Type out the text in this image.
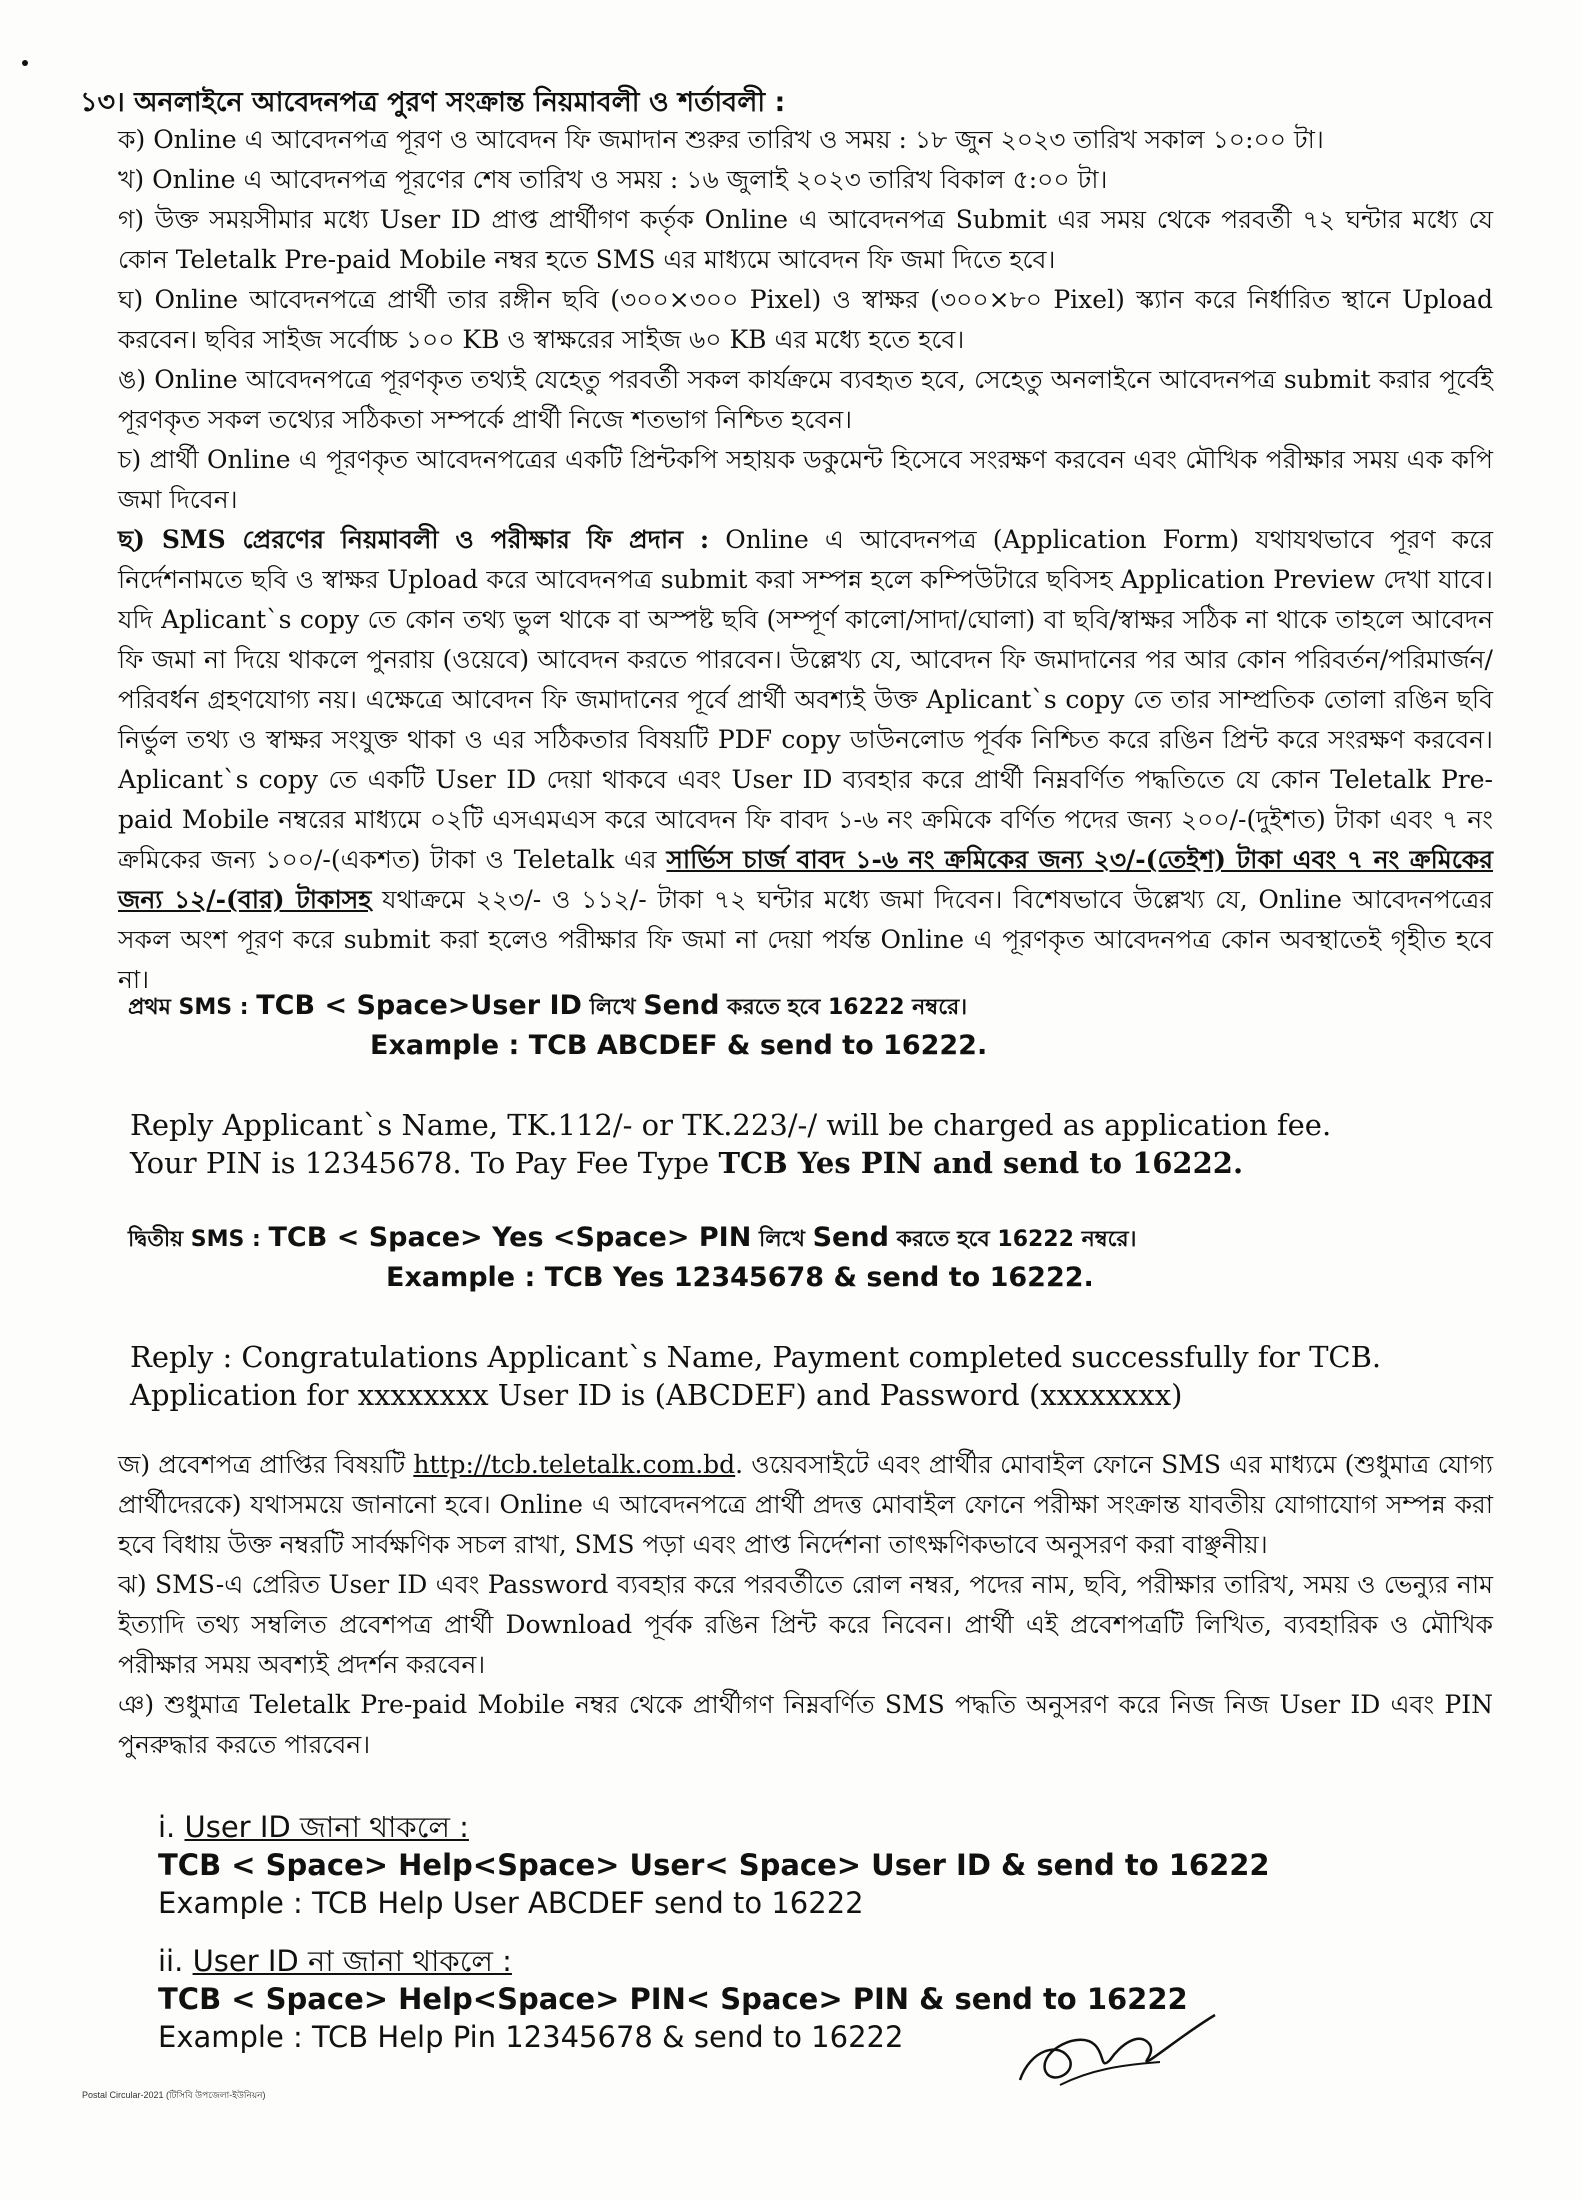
১৩। অনলাইনে আবেদনপত্র পুরণ সংক্রান্ত নিয়মাবলী ও শর্তাবলী :

ক) Online এ আবেদনপত্র পূরণ ও আবেদন ফি জমাদান শুরুর তারিখ ও সময় : ১৮ জুন ২০২৩ তারিখ সকাল ১০:০০ টা।

খ) Online এ আবেদনপত্র পূরণের শেষ তারিখ ও সময় : ১৬ জুলাই ২০২৩ তারিখ বিকাল ৫:০০ টা।

গ) উক্ত সময়সীমার মধ্যে User ID প্রাপ্ত প্রার্থীগণ কর্তৃক Online এ আবেদনপত্র Submit এর সময় থেকে পরবর্তী ৭২ ঘন্টার মধ্যে যে কোন Teletalk Pre-paid Mobile নম্বর হতে SMS এর মাধ্যমে আবেদন ফি জমা দিতে হবে।

ঘ) Online আবেদনপত্রে প্রার্থী তার রঙ্গীন ছবি (৩০০×৩০০ Pixel) ও স্বাক্ষর (৩০০×৮০ Pixel) স্ক্যান করে নির্ধারিত স্থানে Upload করবেন। ছবির সাইজ সর্বোচ্চ ১০০ KB ও স্বাক্ষরের সাইজ ৬০ KB এর মধ্যে হতে হবে।

ঙ) Online আবেদনপত্রে পূরণকৃত তথ্যই যেহেতু পরবর্তী সকল কার্যক্রমে ব্যবহৃত হবে, সেহেতু অনলাইনে আবেদনপত্র submit করার পূর্বেই পূরণকৃত সকল তথ্যের সঠিকতা সম্পর্কে প্রার্থী নিজে শতভাগ নিশ্চিত হবেন।

চ) প্রার্থী Online এ পূরণকৃত আবেদনপত্রের একটি প্রিন্টকপি সহায়ক ডকুমেন্ট হিসেবে সংরক্ষণ করবেন এবং মৌখিক পরীক্ষার সময় এক কপি জমা দিবেন।

ছ) SMS প্রেরণের নিয়মাবলী ও পরীক্ষার ফি প্রদান : Online এ আবেদনপত্র (Application Form) যথাযথভাবে পূরণ করে নির্দেশনামতে ছবি ও স্বাক্ষর Upload করে আবেদনপত্র submit করা সম্পন্ন হলে কম্পিউটারে ছবিসহ Application Preview দেখা যাবে। যদি Aplicant`s copy তে কোন তথ্য ভুল থাকে বা অস্পষ্ট ছবি (সম্পূর্ণ কালো/সাদা/ঘোলা) বা ছবি/স্বাক্ষর সঠিক না থাকে তাহলে আবেদন ফি জমা না দিয়ে থাকলে পুনরায় (ওয়েবে) আবেদন করতে পারবেন। উল্লেখ্য যে, আবেদন ফি জমাদানের পর আর কোন পরিবর্তন/পরিমার্জন/পরিবর্ধন গ্রহণযোগ্য নয়। এক্ষেত্রে আবেদন ফি জমাদানের পূর্বে প্রার্থী অবশ্যই উক্ত Aplicant`s copy তে তার সাম্প্রতিক তোলা রঙিন ছবি নির্ভুল তথ্য ও স্বাক্ষর সংযুক্ত থাকা ও এর সঠিকতার বিষয়টি PDF copy ডাউনলোড পূর্বক নিশ্চিত করে রঙিন প্রিন্ট করে সংরক্ষণ করবেন। Aplicant`s copy তে একটি User ID দেয়া থাকবে এবং User ID ব্যবহার করে প্রার্থী নিম্নবর্ণিত পদ্ধতিতে যে কোন Teletalk Pre-paid Mobile নম্বরের মাধ্যমে ০২টি এসএমএস করে আবেদন ফি বাবদ ১-৬ নং ক্রমিকে বর্ণিত পদের জন্য ২০০/-(দুইশত) টাকা এবং ৭ নং ক্রমিকের জন্য ১০০/-(একশত) টাকা ও Teletalk এর সার্ভিস চার্জ বাবদ ১-৬ নং ক্রমিকের জন্য ২৩/-(তেইশ) টাকা এবং ৭ নং ক্রমিকের জন্য ১২/-(বার) টাকাসহ যথাক্রমে ২২৩/- ও ১১২/- টাকা ৭২ ঘন্টার মধ্যে জমা দিবেন। বিশেষভাবে উল্লেখ্য যে, Online আবেদনপত্রের সকল অংশ পূরণ করে submit করা হলেও পরীক্ষার ফি জমা না দেয়া পর্যন্ত Online এ পূরণকৃত আবেদনপত্র কোন অবস্থাতেই গৃহীত হবে না।

প্রথম SMS : TCB < Space>User ID লিখে Send করতে হবে 16222 নম্বরে।
Example : TCB ABCDEF & send to 16222.
Reply Applicant`s Name, TK.112/- or TK.223/-/ will be charged as application fee.
Your PIN is 12345678. To Pay Fee Type TCB Yes PIN and send to 16222.
দ্বিতীয় SMS : TCB < Space> Yes <Space> PIN লিখে Send করতে হবে 16222 নম্বরে।
Example : TCB Yes 12345678 & send to 16222.
Reply : Congratulations Applicant`s Name, Payment completed successfully for TCB.
Application for xxxxxxxx User ID is (ABCDEF) and Password (xxxxxxxx)

জ) প্রবেশপত্র প্রাপ্তির বিষয়টি http://tcb.teletalk.com.bd. ওয়েবসাইটে এবং প্রার্থীর মোবাইল ফোনে SMS এর মাধ্যমে (শুধুমাত্র যোগ্য প্রার্থীদেরকে) যথাসময়ে জানানো হবে। Online এ আবেদনপত্রে প্রার্থী প্রদত্ত মোবাইল ফোনে পরীক্ষা সংক্রান্ত যাবতীয় যোগাযোগ সম্পন্ন করা হবে বিধায় উক্ত নম্বরটি সার্বক্ষণিক সচল রাখা, SMS পড়া এবং প্রাপ্ত নির্দেশনা তাৎক্ষণিকভাবে অনুসরণ করা বাঞ্ছনীয়।

ঝ) SMS-এ প্রেরিত User ID এবং Password ব্যবহার করে পরবর্তীতে রোল নম্বর, পদের নাম, ছবি, পরীক্ষার তারিখ, সময় ও ভেন্যুর নাম ইত্যাদি তথ্য সম্বলিত প্রবেশপত্র প্রার্থী Download পূর্বক রঙিন প্রিন্ট করে নিবেন। প্রার্থী এই প্রবেশপত্রটি লিখিত, ব্যবহারিক ও মৌখিক পরীক্ষার সময় অবশ্যই প্রদর্শন করবেন।

ঞ) শুধুমাত্র Teletalk Pre-paid Mobile নম্বর থেকে প্রার্থীগণ নিম্নবর্ণিত SMS পদ্ধতি অনুসরণ করে নিজ নিজ User ID এবং PIN পুনরুদ্ধার করতে পারবেন।

i. User ID জানা থাকলে :
TCB < Space> Help<Space> User< Space> User ID & send to 16222
Example : TCB Help User ABCDEF send to 16222
ii. User ID না জানা থাকলে :
TCB < Space> Help<Space> PIN< Space> PIN & send to 16222
Example : TCB Help Pin 12345678 & send to 16222
Postal Circular-2021 (টিসিবি উপজেলা-ইউনিয়ন)
